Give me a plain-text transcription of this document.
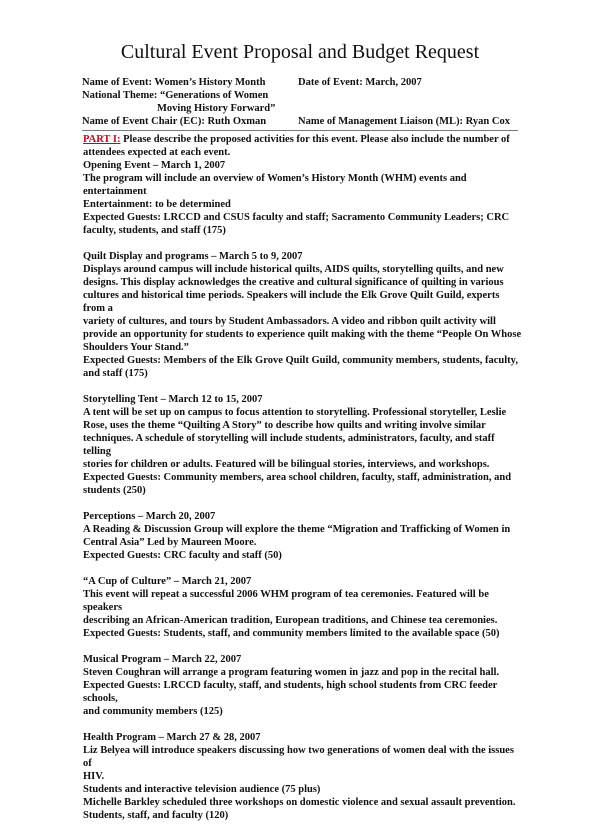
Cultural Event Proposal and Budget Request
Name of Event: Women’s History Month	Date of Event: March, 2007
National Theme: “Generations of Women
Moving History Forward”
Name of Event Chair (EC): Ruth Oxman	Name of Management Liaison (ML): Ryan Cox

PART I: Please describe the proposed activities for this event. Please also include the number of

attendees expected at each event.

Opening Event – March 1, 2007

The program will include an overview of Women’s History Month (WHM) events and entertainment

Entertainment: to be determined

Expected Guests: LRCCD and CSUS faculty and staff; Sacramento Community Leaders; CRC

faculty, students, and staff (175)

Quilt Display and programs – March 5 to 9, 2007

Displays around campus will include historical quilts, AIDS quilts, storytelling quilts, and new

designs. This display acknowledges the creative and cultural significance of quilting in various

cultures and historical time periods. Speakers will include the Elk Grove Quilt Guild, experts from a

variety of cultures, and tours by Student Ambassadors. A video and ribbon quilt activity will

provide an opportunity for students to experience quilt making with the theme “People On Whose

Shoulders Your Stand.”

Expected Guests: Members of the Elk Grove Quilt Guild, community members, students, faculty,

and staff (175)

Storytelling Tent – March 12 to 15, 2007

A tent will be set up on campus to focus attention to storytelling. Professional storyteller, Leslie

Rose, uses the theme “Quilting A Story” to describe how quilts and writing involve similar

techniques. A schedule of storytelling will include students, administrators, faculty, and staff telling

stories for children or adults. Featured will be bilingual stories, interviews, and workshops.

Expected Guests: Community members, area school children, faculty, staff, administration, and

students (250)

Perceptions – March 20, 2007

A Reading & Discussion Group will explore the theme “Migration and Trafficking of Women in

Central Asia” Led by Maureen Moore.

Expected Guests: CRC faculty and staff (50)

“A Cup of Culture” – March 21, 2007

This event will repeat a successful 2006 WHM program of tea ceremonies. Featured will be speakers

describing an African-American tradition, European traditions, and Chinese tea ceremonies.

Expected Guests: Students, staff, and community members limited to the available space (50)

Musical Program – March 22, 2007

Steven Coughran will arrange a program featuring women in jazz and pop in the recital hall.

Expected Guests: LRCCD faculty, staff, and students, high school students from CRC feeder schools,

and community members (125)

Health Program – March 27 & 28, 2007

Liz Belyea will introduce speakers discussing how two generations of women deal with the issues of

HIV.

Students and interactive television audience (75 plus)

Michelle Barkley scheduled three workshops on domestic violence and sexual assault prevention.

Students, staff, and faculty (120)
